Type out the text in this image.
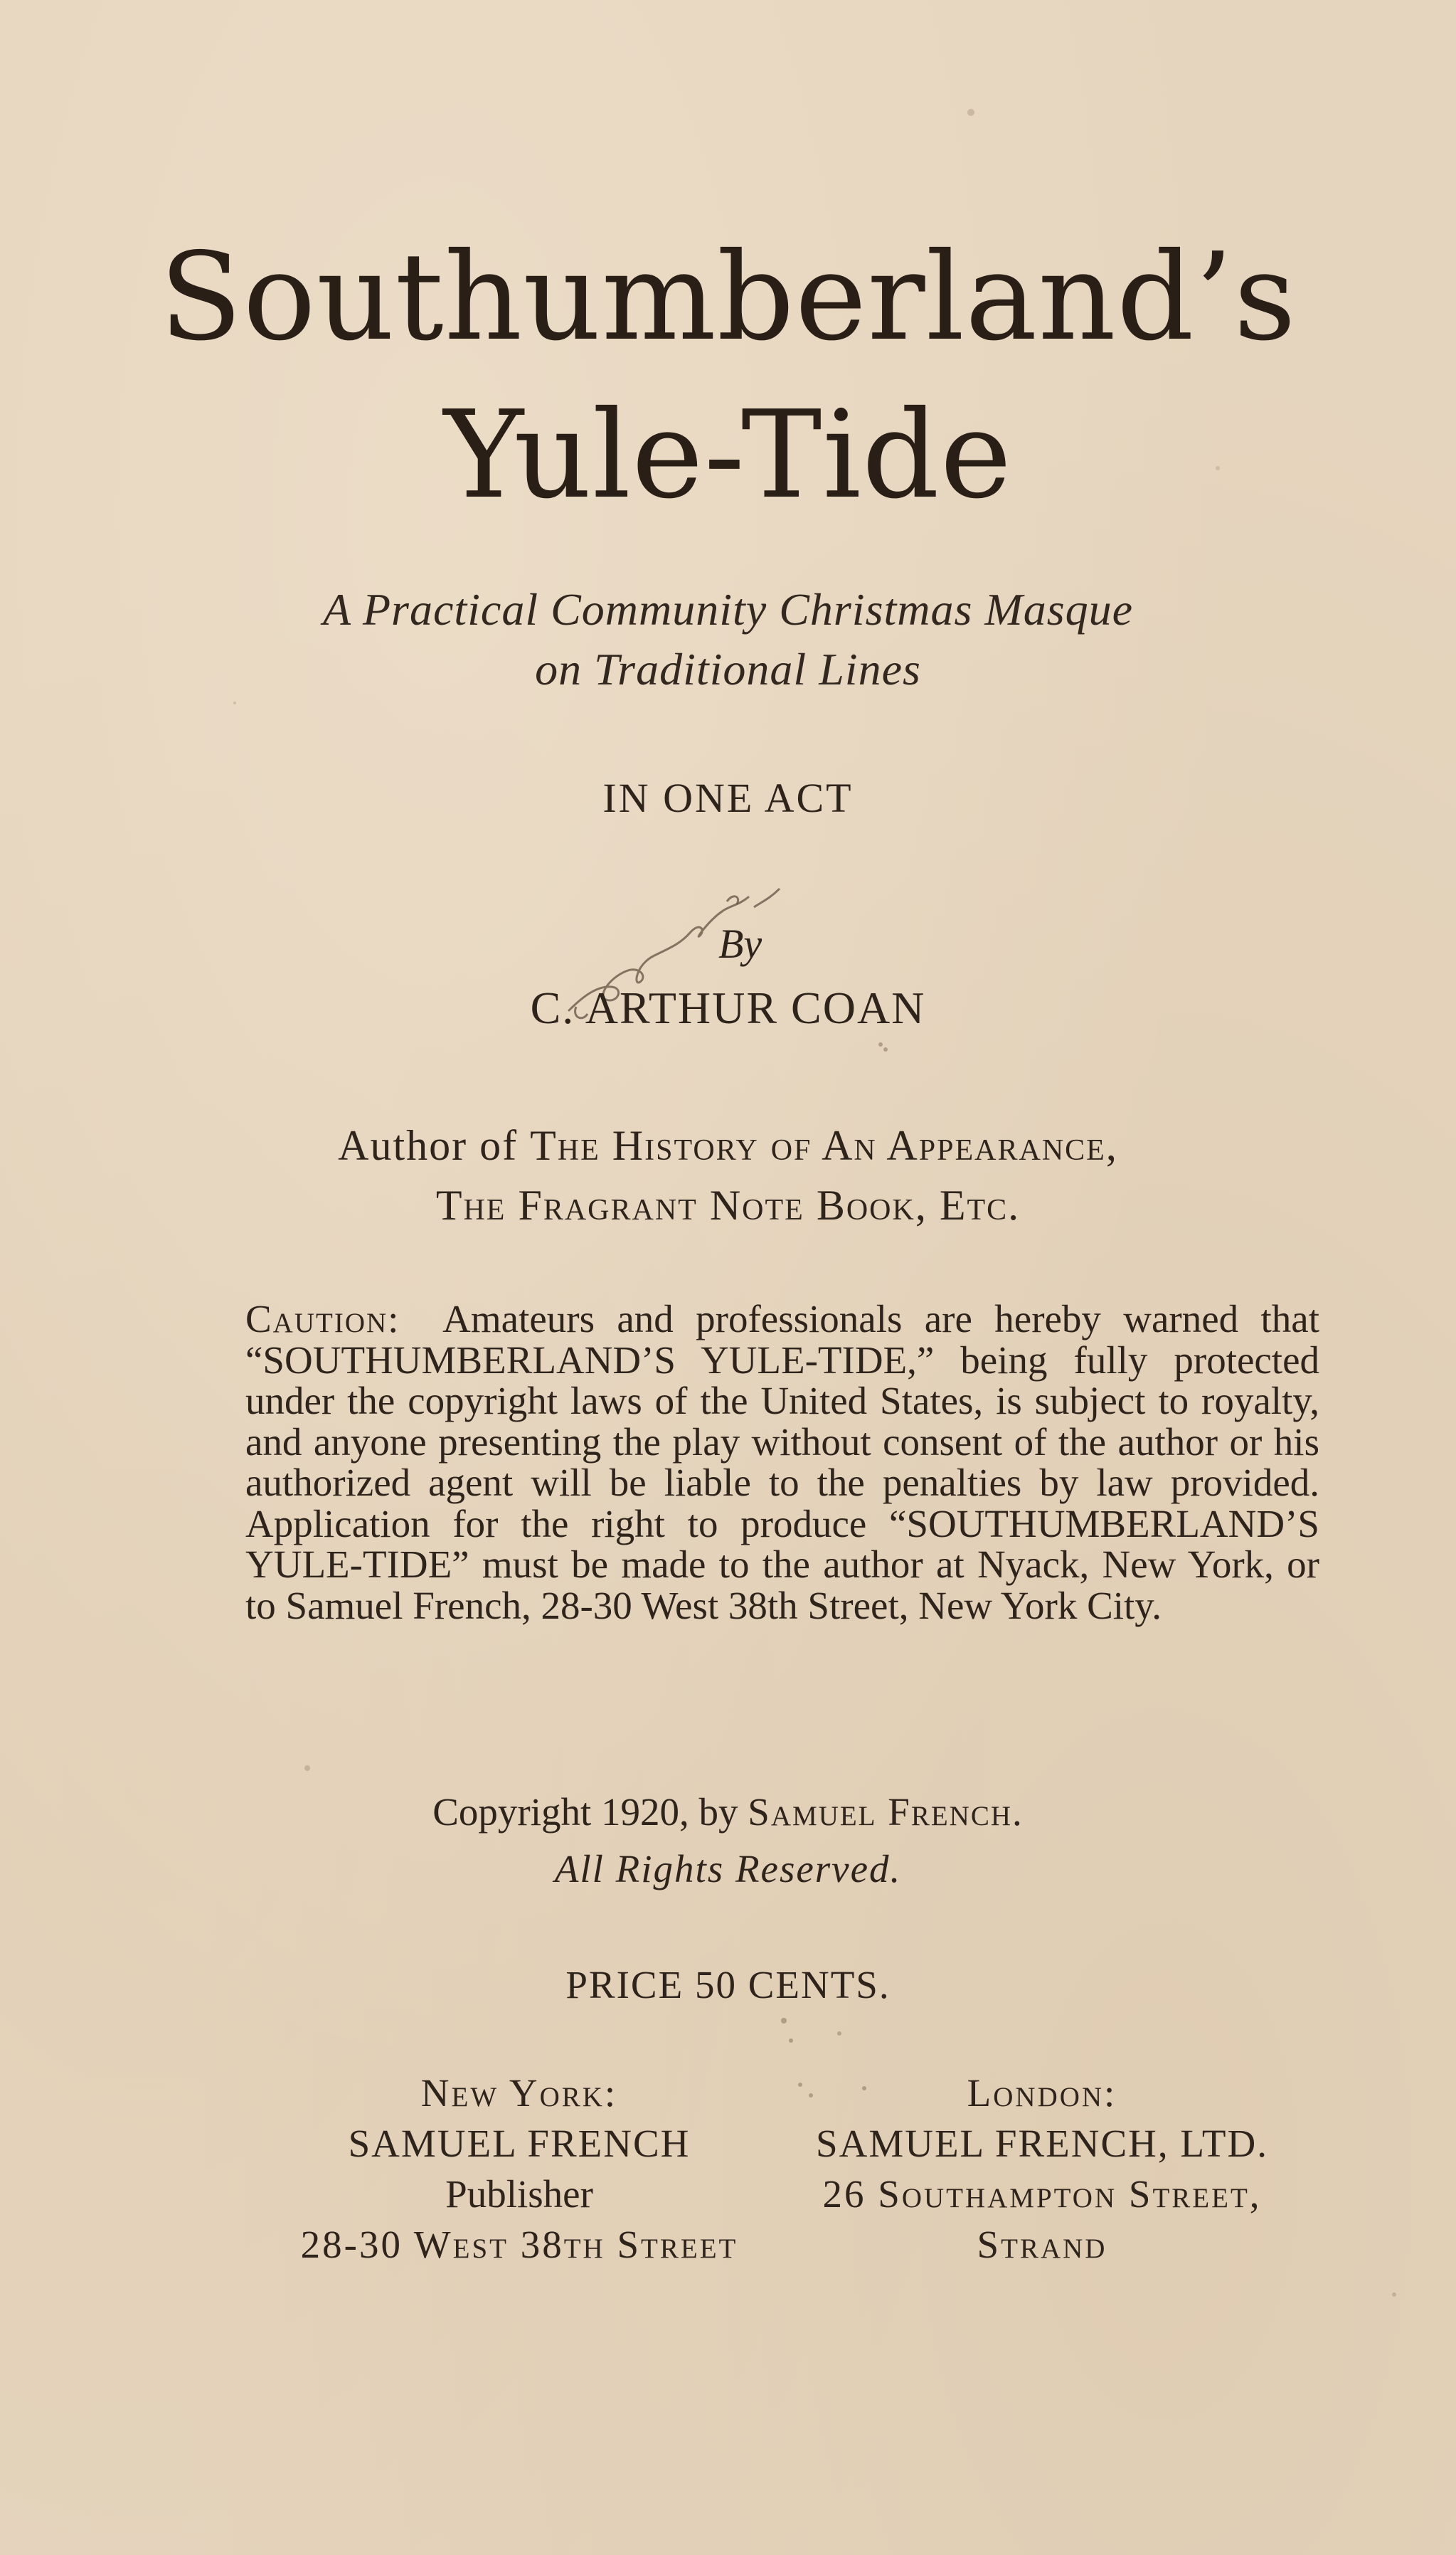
Southumberland’s
Yule-Tide

A Practical Community Christmas Masque

on Traditional Lines

IN ONE ACT

By

C. ARTHUR COAN

Author of The History of An Appearance,

The Fragrant Note Book, Etc.

Caution: Amateurs and professionals are hereby warned that “SOUTHUMBERLAND’S YULE-TIDE,” being fully protected under the copyright laws of the United States, is subject to royalty, and anyone presenting the play without consent of the author or his authorized agent will be liable to the penalties by law provided. Application for the right to produce “SOUTHUMBERLAND’S YULE-TIDE” must be made to the author at Nyack, New York, or to Samuel French, 28-30 West 38th Street, New York City.

Copyright 1920, by Samuel French.

All Rights Reserved.

PRICE 50 CENTS.

New York:

SAMUEL FRENCH

Publisher

28-30 West 38th Street

London:

SAMUEL FRENCH, LTD.

26 Southampton Street,

Strand
